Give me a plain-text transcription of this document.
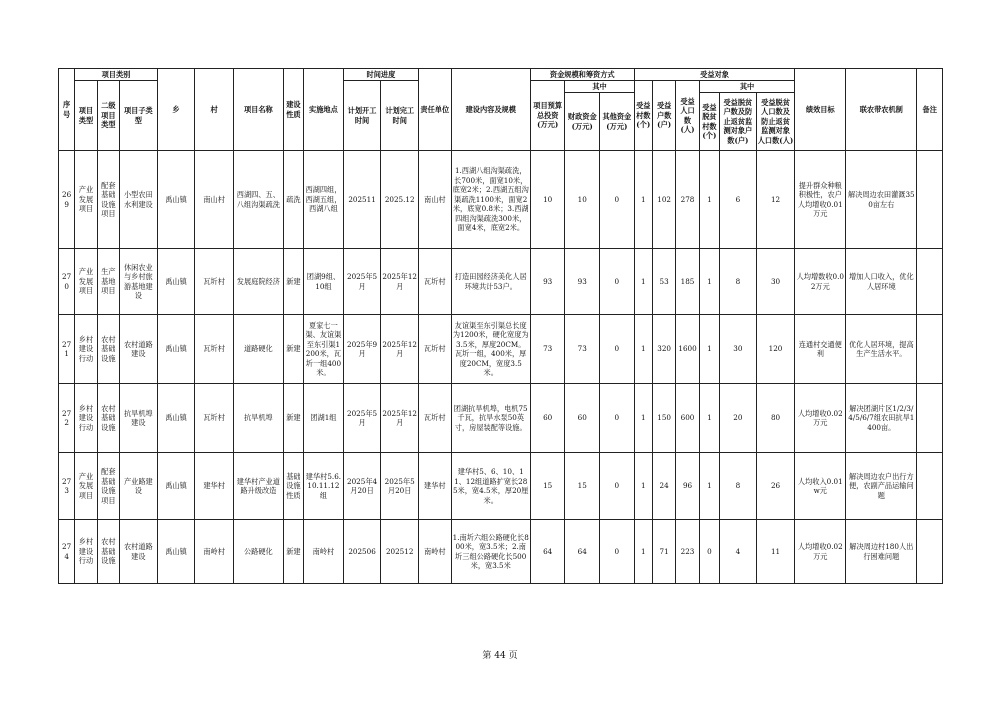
序号	项目类别			乡	村	项目名称	建设性质	实施地点	时间进度		责任单位	建设内容及规模	资金规模和筹资方式			受益对象						绩效目标	联农带农机制	备注
	项目类型	二级项目类型	项目子类型						计划开工时间	计划完工时间			项目预算总投资(万元)	其中		受益村数(个)	受益户数(户)	受益人口数(人)	其中					
														财政资金(万元)	其他资金(万元)				受益脱贫村数(个)	受益脱贫户数及防止返贫监测对象户数(户)	受益脱贫人口数及防止返贫监测对象人口数(人)			
269	产业发展项目	配套基础设施项目	小型农田水利建设	禹山镇	南山村	西湖四、五、八组沟渠疏洗	疏洗	西湖四组，西湖五组，西湖八组	202511	2025.12	南山村	1.西湖八组沟渠疏洗，长700米，面宽10米，底宽2米；2.西湖五组沟渠疏洗1100米，面宽2米，底宽0.8米；3.西湖四组沟渠疏洗300米，面宽4米，底宽2米。	10	10	0	1	102	278	1	6	12	提升群众种粮积极性，农户人均增收0.01万元	解决周边农田灌溉350亩左右	
270	产业发展项目	生产基地项目	休闲农业与乡村旅游基地建设	禹山镇	瓦圻村	发展庭院经济	新建	团湖9组、10组	2025年5月	2025年12月	瓦圻村	打造田园经济美化人居环境共计53户。	93	93	0	1	53	185	1	8	30	人均增数收0.02万元	增加人口收入，优化人居环境	
271	乡村建设行动	农村基础设施	农村道路建设	禹山镇	瓦圻村	道路硬化	新建	夏家七一渠、友谊渠至东引渠1200米，瓦圻一组400米。	2025年9月	2025年12月	瓦圻村	友谊渠至东引渠总长度为1200米，硬化宽度为3.5米，厚度20CM。瓦圻一组，400米，厚度20CM，宽度3.5米。	73	73	0	1	320	1600	1	30	120	连通村交通便利	优化人居环境，提高生产生活水平。	
272	乡村建设行动	农村基础设施	抗旱机埠建设	禹山镇	瓦圻村	抗旱机埠	新建	团湖1组	2025年5月	2025年12月	瓦圻村	团湖抗旱机埠，电机75千瓦，抗旱水泵50英寸，房屋装配等设施。	60	60	0	1	150	600	1	20	80	人均增收0.02万元	解决团湖片区1/2/3/4/5/6/7组农田抗旱1400亩。	
273	产业发展项目	配套基础设施项目	产业路建设	禹山镇	建华村	建华村产业道路升级改造	基础设施性质	建华村5.6.10.11.12组	2025年4月20日	2025年5月20日	建华村	建华村5、6、10、11、12组道路扩宽长285米，宽4.5米，厚20厘米。	15	15	0	1	24	96	1	8	26	人均收入0.01w元	解决周边农户出行方便，农副产品运输问题	
274	乡村建设行动	农村基础设施	农村道路建设	禹山镇	南岭村	公路硬化	新建	南岭村	202506	202512	南岭村	1.南圻六组公路硬化长800米，宽3.5米；2.南圻三组公路硬化长500米，宽3.5米	64	64	0	1	71	223	0	4	11	人均增收0.02万元	解决周边村180人出行困难问题	
第 44 页
